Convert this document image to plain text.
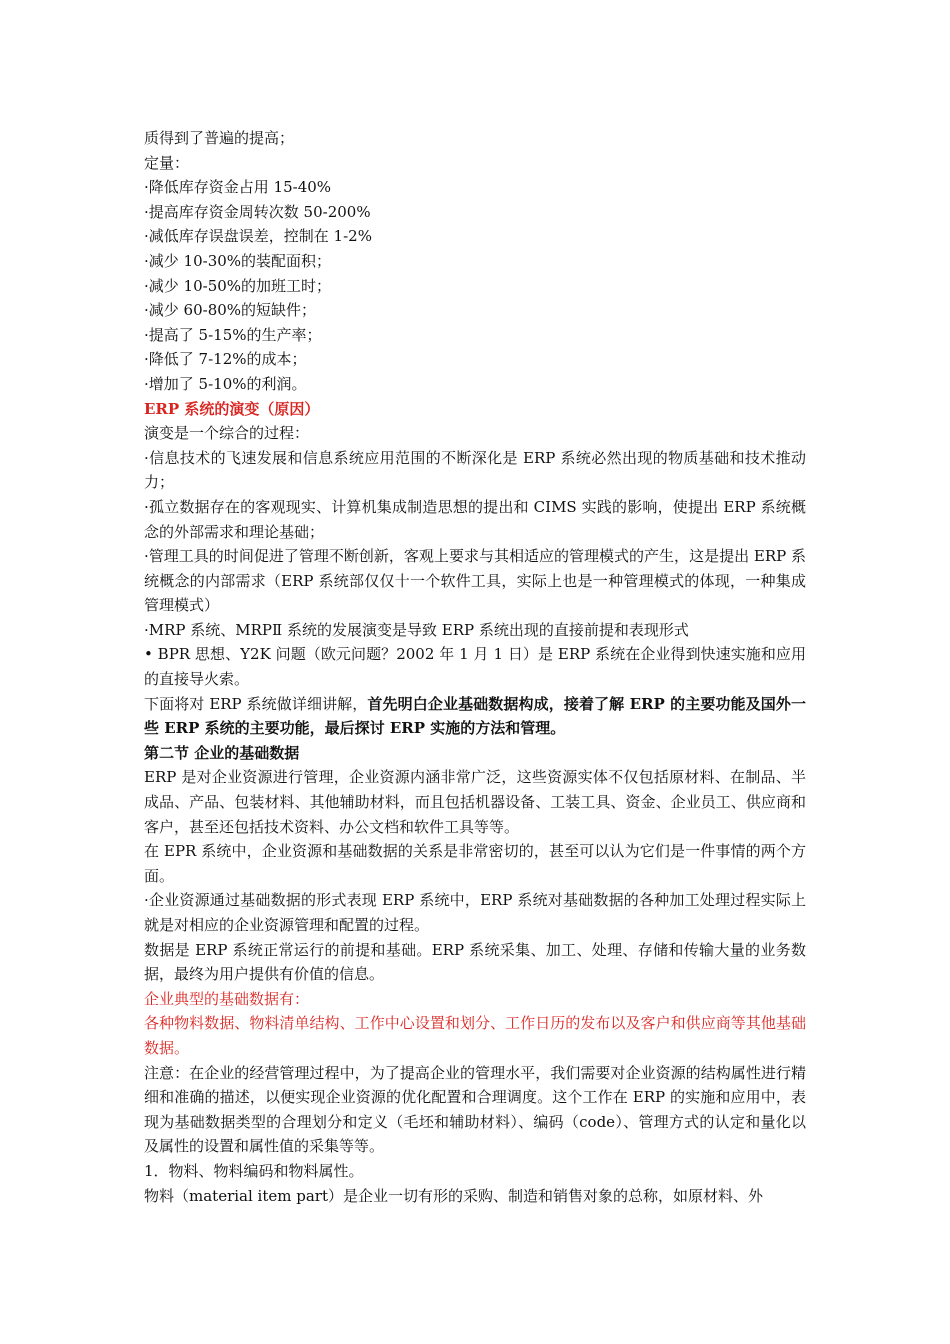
质得到了普遍的提高；

定量：

·降低库存资金占用 15-40%

·提高库存资金周转次数 50-200%

·减低库存误盘误差，控制在 1-2%

·减少 10-30%的装配面积；

·减少 10-50%的加班工时；

·减少 60-80%的短缺件；

·提高了 5-15%的生产率；

·降低了 7-12%的成本；

·增加了 5-10%的利润。

ERP 系统的演变（原因）

演变是一个综合的过程：

·信息技术的飞速发展和信息系统应用范围的不断深化是 ERP 系统必然出现的物质基础和技术推动力；

·孤立数据存在的客观现实、计算机集成制造思想的提出和 CIMS 实践的影响，使提出 ERP 系统概念的外部需求和理论基础；

·管理工具的时间促进了管理不断创新，客观上要求与其相适应的管理模式的产生，这是提出 ERP 系统概念的内部需求（ERP 系统部仅仅十一个软件工具，实际上也是一种管理模式的体现，一种集成管理模式）

·MRP 系统、MRPⅡ 系统的发展演变是导致 ERP 系统出现的直接前提和表现形式

• BPR 思想、Y2K 问题（欧元问题？2002 年 1 月 1 日）是 ERP 系统在企业得到快速实施和应用的直接导火索。

下面将对 ERP 系统做详细讲解，首先明白企业基础数据构成，接着了解 ERP 的主要功能及国外一些 ERP 系统的主要功能，最后探讨 ERP 实施的方法和管理。

第二节 企业的基础数据

ERP 是对企业资源进行管理，企业资源内涵非常广泛，这些资源实体不仅包括原材料、在制品、半成品、产品、包装材料、其他辅助材料，而且包括机器设备、工装工具、资金、企业员工、供应商和客户，甚至还包括技术资料、办公文档和软件工具等等。

在 EPR 系统中，企业资源和基础数据的关系是非常密切的，甚至可以认为它们是一件事情的两个方面。

·企业资源通过基础数据的形式表现 ERP 系统中，ERP 系统对基础数据的各种加工处理过程实际上就是对相应的企业资源管理和配置的过程。

数据是 ERP 系统正常运行的前提和基础。ERP 系统采集、加工、处理、存储和传输大量的业务数据，最终为用户提供有价值的信息。

企业典型的基础数据有：

各种物料数据、物料清单结构、工作中心设置和划分、工作日历的发布以及客户和供应商等其他基础数据。

注意：在企业的经营管理过程中，为了提高企业的管理水平，我们需要对企业资源的结构属性进行精细和准确的描述，以便实现企业资源的优化配置和合理调度。这个工作在 ERP 的实施和应用中，表现为基础数据类型的合理划分和定义（毛坯和辅助材料）、编码（code）、管理方式的认定和量化以及属性的设置和属性值的采集等等。

1．物料、物料编码和物料属性。

物料（material item part）是企业一切有形的采购、制造和销售对象的总称，如原材料、外
